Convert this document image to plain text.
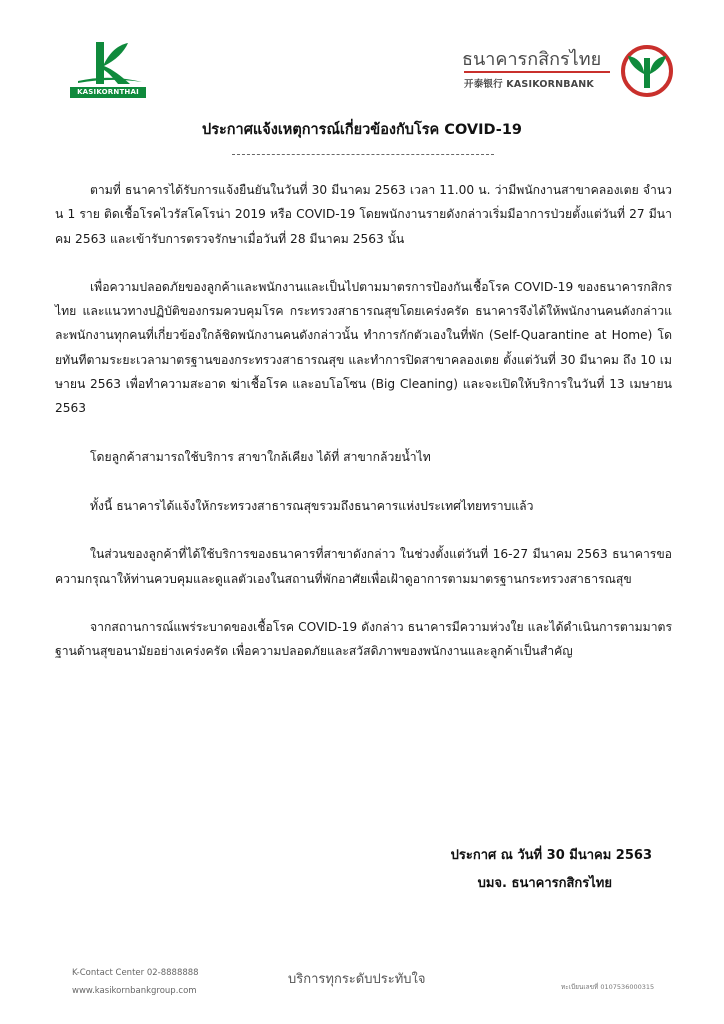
KASIKORNTHAI
ธนาคารกสิกรไทย
开泰银行 KASIKORNBANK
ประกาศแจ้งเหตุการณ์เกี่ยวข้องกับโรค COVID-19

ตามที่ ธนาคารได้รับการแจ้งยืนยันในวันที่ 30 มีนาคม 2563 เวลา 11.00 น. ว่ามีพนักงานสาขาคลองเตย จำนวน 1 ราย ติดเชื้อโรคไวรัสโคโรน่า 2019 หรือ COVID-19 โดยพนักงานรายดังกล่าวเริ่มมีอาการป่วยตั้งแต่วันที่ 27 มีนาคม 2563 และเข้ารับการตรวจรักษาเมื่อวันที่ 28 มีนาคม 2563 นั้น

เพื่อความปลอดภัยของลูกค้าและพนักงานและเป็นไปตามมาตรการป้องกันเชื้อโรค COVID-19 ของธนาคารกสิกรไทย และแนวทางปฏิบัติของกรมควบคุมโรค กระทรวงสาธารณสุขโดยเคร่งครัด ธนาคารจึงได้ให้พนักงานคนดังกล่าวและพนักงานทุกคนที่เกี่ยวข้องใกล้ชิดพนักงานคนดังกล่าวนั้น ทำการกักตัวเองในที่พัก (Self-Quarantine at Home) โดยทันทีตามระยะเวลามาตรฐานของกระทรวงสาธารณสุข และทำการปิดสาขาคลองเตย ตั้งแต่วันที่ 30 มีนาคม ถึง 10 เมษายน 2563 เพื่อทำความสะอาด ฆ่าเชื้อโรค และอบโอโซน (Big Cleaning) และจะเปิดให้บริการในวันที่ 13 เมษายน 2563

โดยลูกค้าสามารถใช้บริการ สาขาใกล้เคียง ได้ที่ สาขากล้วยน้ำไท

ทั้งนี้ ธนาคารได้แจ้งให้กระทรวงสาธารณสุขรวมถึงธนาคารแห่งประเทศไทยทราบแล้ว

ในส่วนของลูกค้าที่ได้ใช้บริการของธนาคารที่สาขาดังกล่าว ในช่วงตั้งแต่วันที่ 16-27 มีนาคม 2563 ธนาคารขอความกรุณาให้ท่านควบคุมและดูแลตัวเองในสถานที่พักอาศัยเพื่อเฝ้าดูอาการตามมาตรฐานกระทรวงสาธารณสุข

จากสถานการณ์แพร่ระบาดของเชื้อโรค COVID-19 ดังกล่าว ธนาคารมีความห่วงใย และได้ดำเนินการตามมาตรฐานด้านสุขอนามัยอย่างเคร่งครัด เพื่อความปลอดภัยและสวัสดิภาพของพนักงานและลูกค้าเป็นสำคัญ

ประกาศ ณ วันที่ 30 มีนาคม 2563
บมจ. ธนาคารกสิกรไทย
K-Contact Center 02-8888888
www.kasikornbankgroup.com
บริการทุกระดับประทับใจ	ทะเบียนเลขที่ 0107536000315
